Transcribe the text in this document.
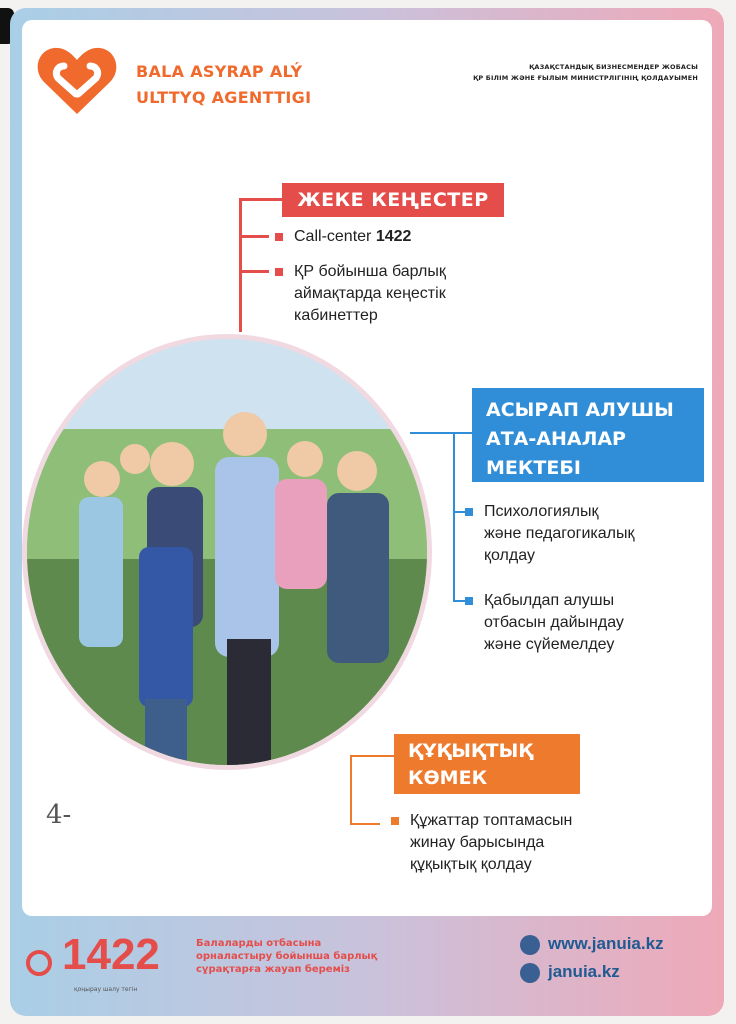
BALA ASYRAP ALÝ
ULTTYQ AGENTTIGI
ҚАЗАҚСТАНДЫҚ БИЗНЕСМЕНДЕР ЖОБАСЫ
ҚР БІЛІМ ЖӘНЕ ҒЫЛЫМ МИНИСТРЛІГІНІҢ ҚОЛДАУЫМЕН
ЖЕКЕ КЕҢЕСТЕР
Call-center 1422
ҚР бойынша барлық
аймақтарда кеңестік
кабинеттер
АСЫРАП АЛУШЫ
АТА-АНАЛАР
МЕКТЕБІ
Психологиялық
және педагогикалық
қолдау
Қабылдап алушы
отбасын дайындау
және сүйемелдеу
ҚҰҚЫҚТЫҚ
КӨМЕК
Құжаттар топтамасын
жинау барысында
құқықтық қолдау
4-
1422
қоңырау шалу тегін
Балаларды отбасына
орналастыру бойынша барлық
сұрақтарға жауап береміз
www.januia.kz
januia.kz
